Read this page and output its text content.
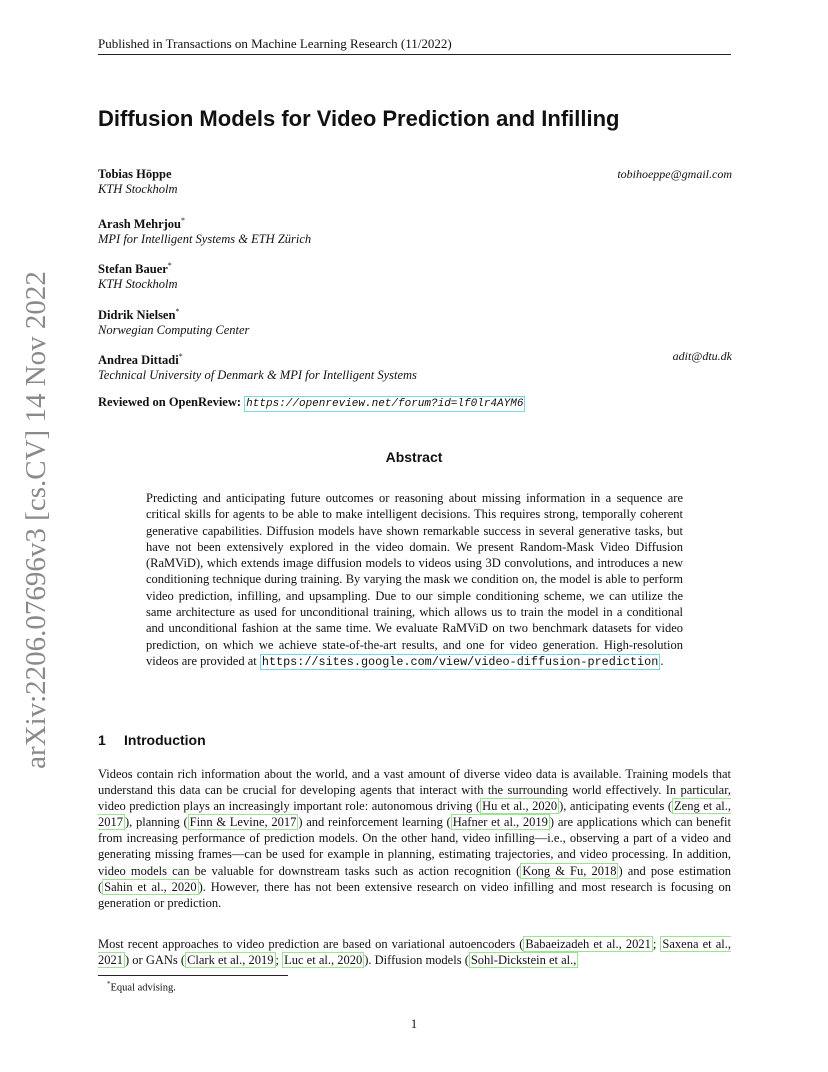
Published in Transactions on Machine Learning Research (11/2022)
Diffusion Models for Video Prediction and Infilling
Tobias Höppe
KTH Stockholm
tobihoeppe@gmail.com
Arash Mehrjou*
MPI for Intelligent Systems & ETH Zürich
Stefan Bauer*
KTH Stockholm
Didrik Nielsen*
Norwegian Computing Center
Andrea Dittadi*
Technical University of Denmark & MPI for Intelligent Systems
adit@dtu.dk
Reviewed on OpenReview: https://openreview.net/forum?id=lf0lr4AYM6
Abstract

Predicting and anticipating future outcomes or reasoning about missing information in a sequence are critical skills for agents to be able to make intelligent decisions. This requires strong, temporally coherent generative capabilities. Diffusion models have shown remarkable success in several generative tasks, but have not been extensively explored in the video domain. We present Random-Mask Video Diffusion (RaMViD), which extends image diffusion models to videos using 3D convolutions, and introduces a new conditioning technique during training. By varying the mask we condition on, the model is able to perform video prediction, infilling, and upsampling. Due to our simple conditioning scheme, we can utilize the same architecture as used for unconditional training, which allows us to train the model in a conditional and unconditional fashion at the same time. We evaluate RaMViD on two benchmark datasets for video prediction, on which we achieve state-of-the-art results, and one for video generation. High-resolution videos are provided at https://sites.google.com/view/video-diffusion-prediction .

1 Introduction

Videos contain rich information about the world, and a vast amount of diverse video data is available. Training models that understand this data can be crucial for developing agents that interact with the surrounding world effectively. In particular, video prediction plays an increasingly important role: autonomous driving ( Hu et al., 2020 ), anticipating events ( Zeng et al., 2017 ), planning ( Finn & Levine, 2017 ) and reinforcement learning ( Hafner et al., 2019 ) are applications which can benefit from increasing performance of prediction models. On the other hand, video infilling—i.e., observing a part of a video and generating missing frames—can be used for example in planning, estimating trajectories, and video processing. In addition, video models can be valuable for downstream tasks such as action recognition ( Kong & Fu, 2018 ) and pose estimation ( Sahin et al., 2020 ). However, there has not been extensive research on video infilling and most research is focusing on generation or prediction.

Most recent approaches to video prediction are based on variational autoencoders ( Babaeizadeh et al., 2021 ; Saxena et al., 2021 ) or GANs ( Clark et al., 2019 ; Luc et al., 2020 ). Diffusion models ( Sohl-Dickstein et al.,

*Equal advising.
1
arXiv:2206.07696v3 [cs.CV] 14 Nov 2022
